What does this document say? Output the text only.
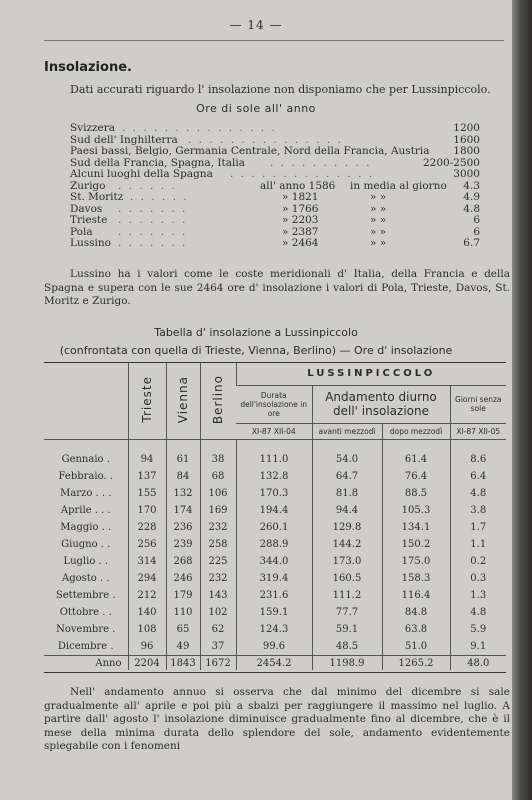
— 14 —
Insolazione.
Dati accurati riguardo l' insolazione non disponiamo che per Lussinpiccolo.
Ore di sole all' anno
Svizzera . . . . . . . . . . . . . . .	1200
Sud dell' Inghilterra . . . . . . . . . . . . . . .	1600
Paesi bassi, Belgio, Germania Centrale, Nord della Francia, Austria 1800
Sud della Francia, Spagna, Italia . . . . . . . . . .	2200-2500
Alcuni luoghi della Spagna . . . . . . . . . . . . . .	3000
Zurigo . . . . . .	all' anno 1586 in media al giorno 4.3
St. Moritz . . . . . .	» 1821	» »	4.9
Davos . . . . . . .	» 1766	» »	4.8
Trieste . . . . . . .	» 2203	» »	6
Pola . . . . . . .	» 2387	» »	6
Lussino . . . . . . .	» 2464	» »	6.7

Lussino ha i valori come le coste meridionali d' Italia, della Francia e della Spagna e supera con le sue 2464 ore d' insolazione i valori di Pola, Trieste, Davos, St. Moritz e Zurigo.

Tabella d' insolazione a Lussinpiccolo
(confrontata con quella di Trieste, Vienna, Berlino) — Ore d' insolazione
	Trieste	Vienna	Berlino	LUSSINPICCOLO			

				Durata dell'insolazione in ore	Andamento diurno dell' insolazione		Giorni senza sole

				XI-87 XII-04	avanti mezzodì	dopo mezzodì	XI-87 XII-05

Gennaio .	94	61	38	111.0	54.0	61.4	8.6
Febbraio. .	137	84	68	132.8	64.7	76.4	6.4
Marzo . . .	155	132	106	170.3	81.8	88.5	4.8
Aprile . . .	170	174	169	194.4	94.4	105.3	3.8
Maggio . .	228	236	232	260.1	129.8	134.1	1.7
Giugno . .	256	239	258	288.9	144.2	150.2	1.1
Luglio . .	314	268	225	344.0	173.0	175.0	0.2
Agosto . .	294	246	232	319.4	160.5	158.3	0.3
Settembre .	212	179	143	231.6	111.2	116.4	1.3
Ottobre . .	140	110	102	159.1	77.7	84.8	4.8
Novembre .	108	65	62	124.3	59.1	63.8	5.9
Dicembre .	96	49	37	99.6	48.5	51.0	9.1
Anno	2204	1843	1672	2454.2	1198.9	1265.2	48.0

Nell' andamento annuo si osserva che dal minimo del dicembre si sale gradualmente all' aprile e poi più a sbalzi per raggiungere il massimo nel luglio. A partire dall' agosto l' insolazione diminuisce gradualmente fino al dicembre, che è il mese della minima durata dello splendore del sole, andamento evidentemente spiegabile con i fenomeni
